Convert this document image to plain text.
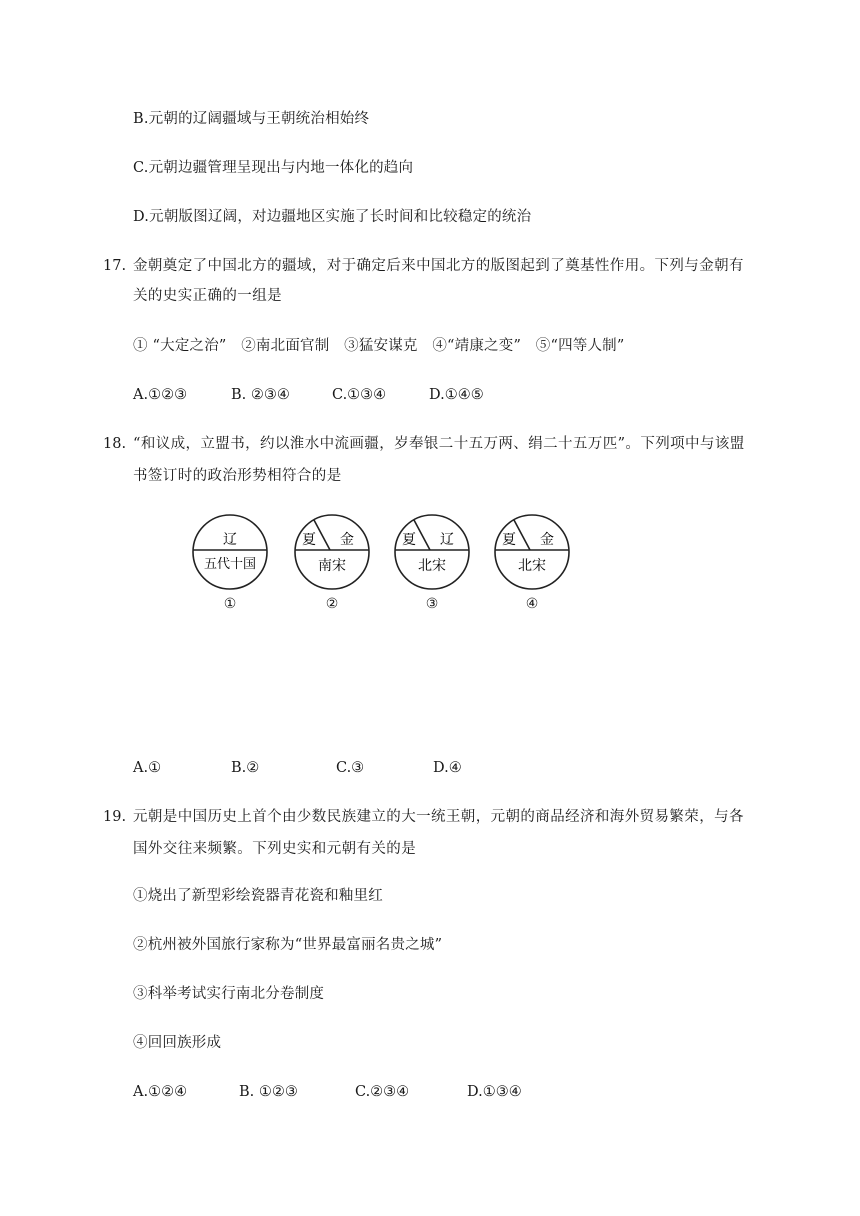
B.元朝的辽阔疆域与王朝统治相始终
C.元朝边疆管理呈现出与内地一体化的趋向
D.元朝版图辽阔，对边疆地区实施了长时间和比较稳定的统治
17. 金朝奠定了中国北方的疆域，对于确定后来中国北方的版图起到了奠基性作用。下列与金朝有
关的史实正确的一组是
① “大定之治”　②南北面官制　③猛安谋克　④“靖康之变”　⑤“四等人制”
A.①②③	B. ②③④	C.①③④	D.①④⑤
18. “和议成，立盟书，约以淮水中流画疆，岁奉银二十五万两、绢二十五万匹”。下列项中与该盟
书签订时的政治形势相符合的是
辽
五代十国
①
夏 金
南宋
②
夏 辽
北宋
③
夏 金
北宋
④
A.①	B.②	C.③	D.④
19. 元朝是中国历史上首个由少数民族建立的大一统王朝，元朝的商品经济和海外贸易繁荣，与各
国外交往来频繁。下列史实和元朝有关的是
①烧出了新型彩绘瓷器青花瓷和釉里红
②杭州被外国旅行家称为“世界最富丽名贵之城”
③科举考试实行南北分卷制度
④回回族形成
A.①②④	B. ①②③	C.②③④	D.①③④
